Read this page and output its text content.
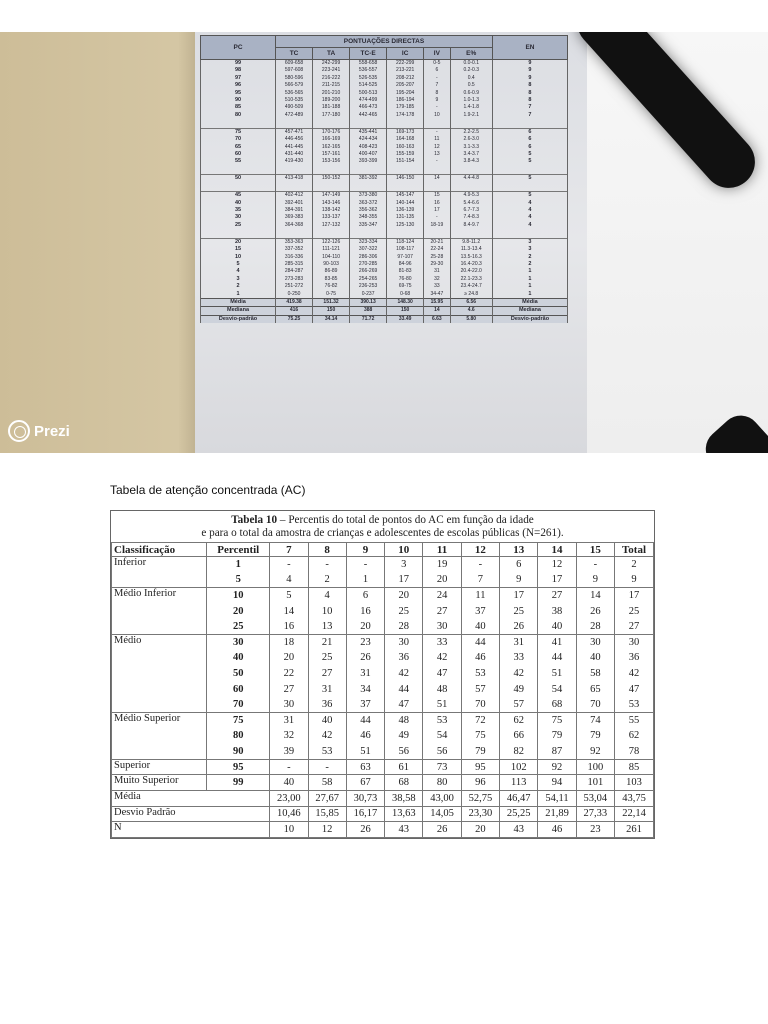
PC	PONTUAÇÕES DIRECTAS						EN
	TC	TA	TC-E	IC	IV	E%	
99	609-658	242-299	558-658	222-299	0-5	0.0-0.1	9
98	597-608	223-241	536-557	213-221	6	0.2-0.3	9
97	580-596	216-222	526-535	208-212	-	0.4	9
96	566-579	211-215	514-525	205-207	7	0.5	8
95	536-565	201-210	500-513	195-204	8	0.6-0.9	8
90	510-535	189-200	474-499	186-194	9	1.0-1.3	8
85	490-509	181-188	466-473	179-185	-	1.4-1.8	7
80	472-489	177-180	442-465	174-178	10	1.9-2.1	7

75	457-471	170-176	435-441	169-173	-	2.2-2.5	6
70	446-456	166-169	424-434	164-168	11	2.6-3.0	6
65	441-445	162-165	408-423	160-163	12	3.1-3.3	6
60	431-440	157-161	400-407	155-159	13	3.4-3.7	5
55	419-430	153-156	393-399	151-154	-	3.8-4.3	5

50	413-418	150-152	381-392	146-150	14	4.4-4.8	5

45	402-412	147-149	373-380	145-147	15	4.9-5.3	5
40	392-401	143-146	363-372	140-144	16	5.4-6.6	4
35	384-391	138-142	356-362	136-139	17	6.7-7.3	4
30	369-383	133-137	348-355	131-135	-	7.4-8.3	4
25	364-368	127-132	335-347	125-130	18-19	8.4-9.7	4

20	353-363	122-126	323-334	118-124	20-21	9.8-11.2	3
15	337-352	111-121	307-322	108-117	22-24	11.3-13.4	3
10	316-336	104-110	286-306	97-107	25-28	13.5-16.3	2
5	285-315	90-103	270-285	84-96	29-30	16.4-20.3	2
4	284-287	86-89	266-269	81-83	31	20.4-22.0	1
3	273-283	83-85	254-265	76-80	32	22.1-23.3	1
2	251-272	76-82	236-253	69-75	33	23.4-24.7	1
1	0-250	0-75	0-237	0-68	34-47	≥ 24.8	1
Média	419.38	151.32	390.13	148.30	15.95	6.56	Média
Mediana	416	150	388	150	14	4.6	Mediana
Desvio-padrão	75.25	34.14	71.72	33.49	6.63	5.80	Desvio-padrão
Prezi
Tabela de atenção concentrada (AC)
Tabela 10 – Percentis do total de pontos do AC em função da idade
e para o total da amostra de crianças e adolescentes de escolas públicas (N=261).
Classificação	Percentil	7	8	9	10	11	12	13	14	15	Total
Inferior	1	-	-	-	3	19	-	6	12	-	2
	5	4	2	1	17	20	7	9	17	9	9
Médio Inferior	10	5	4	6	20	24	11	17	27	14	17
	20	14	10	16	25	27	37	25	38	26	25
	25	16	13	20	28	30	40	26	40	28	27
Médio	30	18	21	23	30	33	44	31	41	30	30
	40	20	25	26	36	42	46	33	44	40	36
	50	22	27	31	42	47	53	42	51	58	42
	60	27	31	34	44	48	57	49	54	65	47
	70	30	36	37	47	51	70	57	68	70	53
Médio Superior	75	31	40	44	48	53	72	62	75	74	55
	80	32	42	46	49	54	75	66	79	79	62
	90	39	53	51	56	56	79	82	87	92	78
Superior	95	-	-	63	61	73	95	102	92	100	85
Muito Superior	99	40	58	67	68	80	96	113	94	101	103
Média		23,00	27,67	30,73	38,58	43,00	52,75	46,47	54,11	53,04	43,75
Desvio Padrão		10,46	15,85	16,17	13,63	14,05	23,30	25,25	21,89	27,33	22,14
N		10	12	26	43	26	20	43	46	23	261
